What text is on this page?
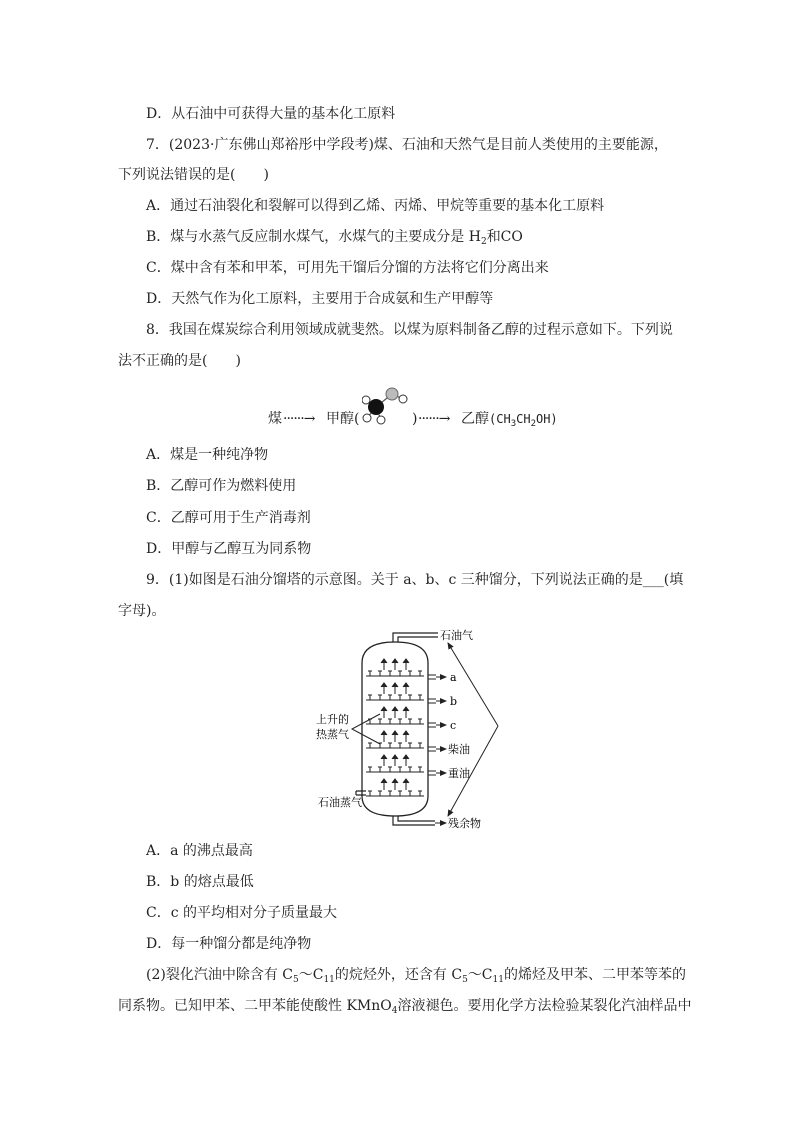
D．从石油中可获得大量的基本化工原料
7．(2023·广东佛山郑裕彤中学段考)煤、石油和天然气是目前人类使用的主要能源，
下列说法错误的是(　　)
A．通过石油裂化和裂解可以得到乙烯、丙烯、甲烷等重要的基本化工原料
B．煤与水蒸气反应制水煤气，水煤气的主要成分是 $H_2$和CO
C．煤中含有苯和甲苯，可用先干馏后分馏的方法将它们分离出来
D．天然气作为化工原料，主要用于合成氨和生产甲醇等
8．我国在煤炭综合利用领域成就斐然。以煤为原料制备乙醇的过程示意如下。下列说
法不正确的是(　　)
煤 ······→ 甲醇(	) ······→ 乙醇$(CH_3CH_2OH)$
A．煤是一种纯净物
B．乙醇可作为燃料使用
C．乙醇可用于生产消毒剂
D．甲醇与乙醇互为同系物
9．(1)如图是石油分馏塔的示意图。关于 a、b、c 三种馏分，下列说法正确的是___(填
字母)。
石油气
残余物
a
b
c
柴油
重油
石油蒸气
上升的
热蒸气
A．a 的沸点最高
B．b 的熔点最低
C．c 的平均相对分子质量最大
D．每一种馏分都是纯净物
(2)裂化汽油中除含有 $C_5\sim C_{11}$的烷烃外，还含有 $C_5\sim C_{11}$的烯烃及甲苯、二甲苯等苯的
同系物。已知甲苯、二甲苯能使酸性 KMnO$_4$溶液褪色。要用化学方法检验某裂化汽油样品中
